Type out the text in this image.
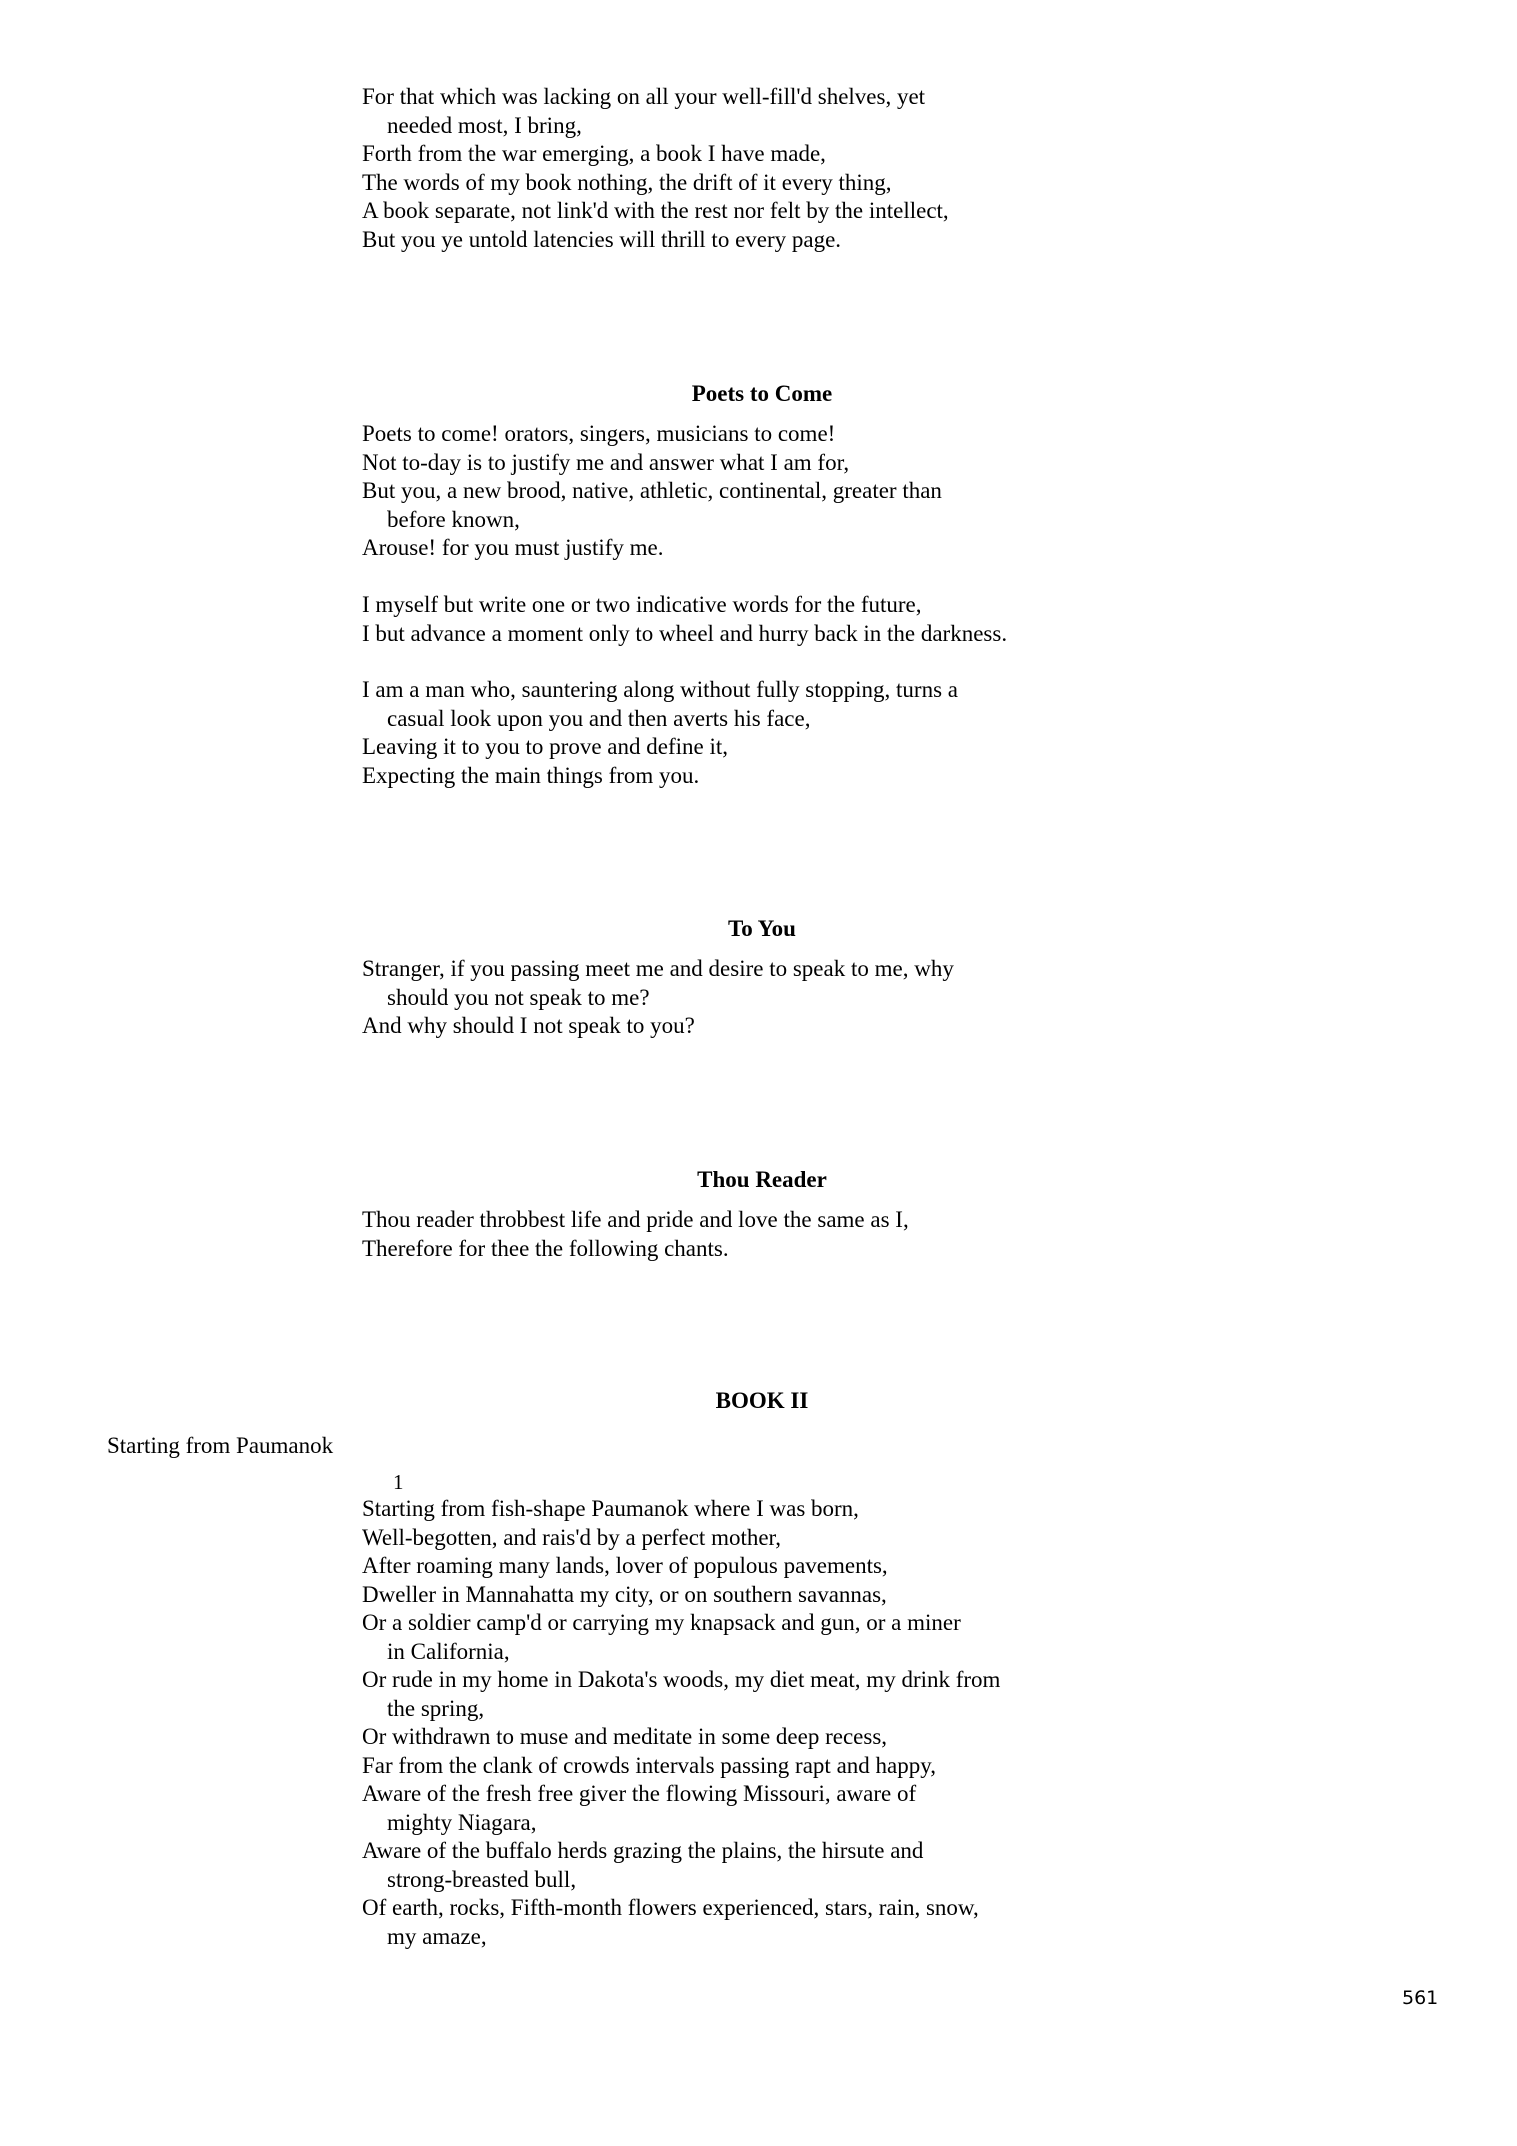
For that which was lacking on all your well-fill'd shelves, yet
needed most, I bring,
Forth from the war emerging, a book I have made,
The words of my book nothing, the drift of it every thing,
A book separate, not link'd with the rest nor felt by the intellect,
But you ye untold latencies will thrill to every page.
Poets to Come
Poets to come! orators, singers, musicians to come!
Not to-day is to justify me and answer what I am for,
But you, a new brood, native, athletic, continental, greater than
before known,
Arouse! for you must justify me.
I myself but write one or two indicative words for the future,
I but advance a moment only to wheel and hurry back in the darkness.
I am a man who, sauntering along without fully stopping, turns a
casual look upon you and then averts his face,
Leaving it to you to prove and define it,
Expecting the main things from you.
To You
Stranger, if you passing meet me and desire to speak to me, why
should you not speak to me?
And why should I not speak to you?
Thou Reader
Thou reader throbbest life and pride and love the same as I,
Therefore for thee the following chants.
BOOK II
Starting from Paumanok
1
Starting from fish-shape Paumanok where I was born,
Well-begotten, and rais'd by a perfect mother,
After roaming many lands, lover of populous pavements,
Dweller in Mannahatta my city, or on southern savannas,
Or a soldier camp'd or carrying my knapsack and gun, or a miner
in California,
Or rude in my home in Dakota's woods, my diet meat, my drink from
the spring,
Or withdrawn to muse and meditate in some deep recess,
Far from the clank of crowds intervals passing rapt and happy,
Aware of the fresh free giver the flowing Missouri, aware of
mighty Niagara,
Aware of the buffalo herds grazing the plains, the hirsute and
strong-breasted bull,
Of earth, rocks, Fifth-month flowers experienced, stars, rain, snow,
my amaze,
561
